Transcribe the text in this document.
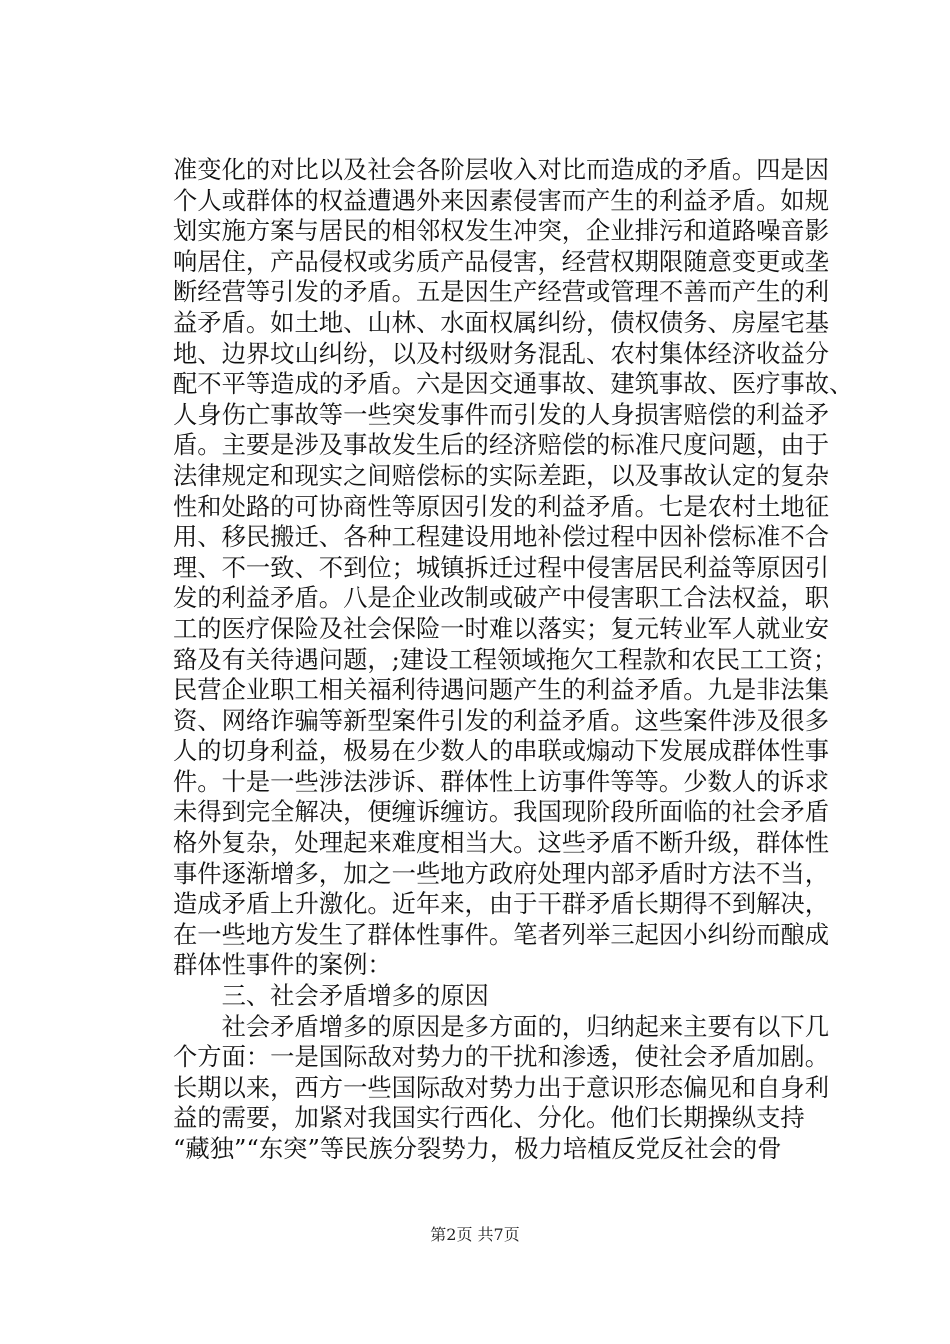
准变化的对比以及社会各阶层收入对比而造成的矛盾。四是因
个人或群体的权益遭遇外来因素侵害而产生的利益矛盾。如规
划实施方案与居民的相邻权发生冲突，企业排污和道路噪音影
响居住，产品侵权或劣质产品侵害，经营权期限随意变更或垄
断经营等引发的矛盾。五是因生产经营或管理不善而产生的利
益矛盾。如土地、山林、水面权属纠纷，债权债务、房屋宅基
地、边界坟山纠纷，以及村级财务混乱、农村集体经济收益分
配不平等造成的矛盾。六是因交通事故、建筑事故、医疗事故、
人身伤亡事故等一些突发事件而引发的人身损害赔偿的利益矛
盾。主要是涉及事故发生后的经济赔偿的标准尺度问题，由于
法律规定和现实之间赔偿标的实际差距，以及事故认定的复杂
性和处路的可协商性等原因引发的利益矛盾。七是农村土地征
用、移民搬迁、各种工程建设用地补偿过程中因补偿标准不合
理、不一致、不到位；城镇拆迁过程中侵害居民利益等原因引
发的利益矛盾。八是企业改制或破产中侵害职工合法权益，职
工的医疗保险及社会保险一时难以落实；复元转业军人就业安
臵及有关待遇问题，;建设工程领域拖欠工程款和农民工工资；
民营企业职工相关福利待遇问题产生的利益矛盾。九是非法集
资、网络诈骗等新型案件引发的利益矛盾。这些案件涉及很多
人的切身利益，极易在少数人的串联或煽动下发展成群体性事
件。十是一些涉法涉诉、群体性上访事件等等。少数人的诉求
未得到完全解决，便缠诉缠访。我国现阶段所面临的社会矛盾
格外复杂，处理起来难度相当大。这些矛盾不断升级，群体性
事件逐渐增多，加之一些地方政府处理内部矛盾时方法不当，
造成矛盾上升激化。近年来，由于干群矛盾长期得不到解决，
在一些地方发生了群体性事件。笔者列举三起因小纠纷而酿成
群体性事件的案例：
　　三、社会矛盾增多的原因
　　社会矛盾增多的原因是多方面的，归纳起来主要有以下几
个方面：一是国际敌对势力的干扰和渗透，使社会矛盾加剧。
长期以来，西方一些国际敌对势力出于意识形态偏见和自身利
益的需要，加紧对我国实行西化、分化。他们长期操纵支持
“藏独”“东突”等民族分裂势力，极力培植反党反社会的骨
第2页 共7页
